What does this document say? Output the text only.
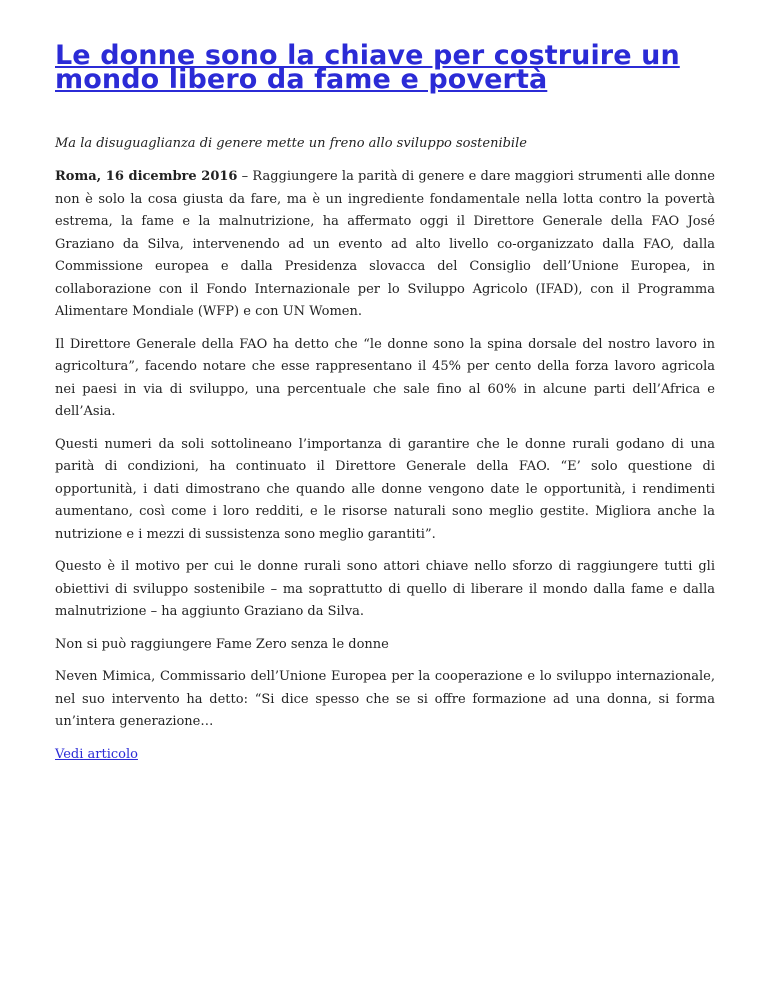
Le donne sono la chiave per costruire un mondo libero da fame e povertà

Ma la disuguaglianza di genere mette un freno allo sviluppo sostenibile

Roma, 16 dicembre 2016 – Raggiungere la parità di genere e dare maggiori strumenti alle donne non è solo la cosa giusta da fare, ma è un ingrediente fondamentale nella lotta contro la povertà estrema, la fame e la malnutrizione, ha affermato oggi il Direttore Generale della FAO José Graziano da Silva, intervenendo ad un evento ad alto livello co-organizzato dalla FAO, dalla Commissione europea e dalla Presidenza slovacca del Consiglio dell’Unione Europea, in collaborazione con il Fondo Internazionale per lo Sviluppo Agricolo (IFAD), con il Programma Alimentare Mondiale (WFP) e con UN Women.

Il Direttore Generale della FAO ha detto che “le donne sono la spina dorsale del nostro lavoro in agricoltura”, facendo notare che esse rappresentano il 45% per cento della forza lavoro agricola nei paesi in via di sviluppo, una percentuale che sale fino al 60% in alcune parti dell’Africa e dell’Asia.

Questi numeri da soli sottolineano l’importanza di garantire che le donne rurali godano di una parità di condizioni, ha continuato il Direttore Generale della FAO. “E’ solo questione di opportunità, i dati dimostrano che quando alle donne vengono date le opportunità, i rendimenti aumentano, così come i loro redditi, e le risorse naturali sono meglio gestite. Migliora anche la nutrizione e i mezzi di sussistenza sono meglio garantiti”.

Questo è il motivo per cui le donne rurali sono attori chiave nello sforzo di raggiungere tutti gli obiettivi di sviluppo sostenibile – ma soprattutto di quello di liberare il mondo dalla fame e dalla malnutrizione – ha aggiunto Graziano da Silva.

Non si può raggiungere Fame Zero senza le donne

Neven Mimica, Commissario dell’Unione Europea per la cooperazione e lo sviluppo internazionale, nel suo intervento ha detto: “Si dice spesso che se si offre formazione ad una donna, si forma un’intera generazione…

Vedi articolo
